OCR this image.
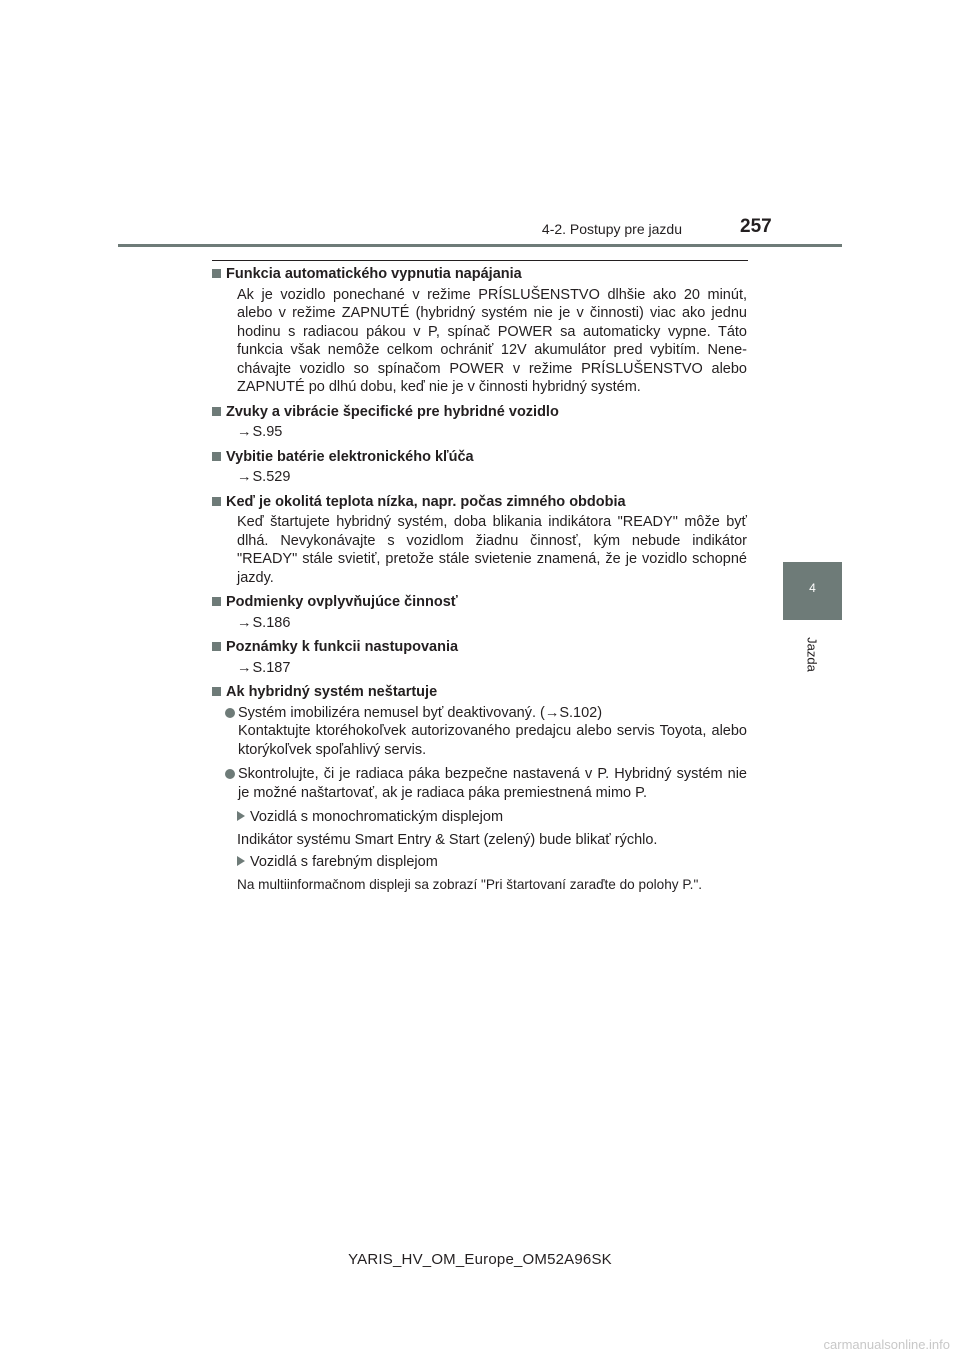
4-2. Postupy pre jazdu	257
4
Jazda
Funkcia automatického vypnutia napájania
Ak je vozidlo ponechané v režime PRÍSLUŠENSTVO dlhšie ako 20 minút, alebo v režime ZAPNUTÉ (hybridný systém nie je v činnosti) viac ako jednu hodinu s radiacou pákou v P, spínač POWER sa automaticky vypne. Táto funkcia však nemôže celkom ochrániť 12V akumulátor pred vybitím. Nene-chávajte vozidlo so spínačom POWER v režime PRÍSLUŠENSTVO alebo ZAPNUTÉ po dlhú dobu, keď nie je v činnosti hybridný systém.
Zvuky a vibrácie špecifické pre hybridné vozidlo
→ S.95
Vybitie batérie elektronického kľúča
→ S.529
Keď je okolitá teplota nízka, napr. počas zimného obdobia
Keď štartujete hybridný systém, doba blikania indikátora "READY" môže byť dlhá. Nevykonávajte s vozidlom žiadnu činnosť, kým nebude indikátor "READY" stále svietiť, pretože stále svietenie znamená, že je vozidlo schopné jazdy.
Podmienky ovplyvňujúce činnosť
→ S.186
Poznámky k funkcii nastupovania
→ S.187
Ak hybridný systém neštartuje
Systém imobilizéra nemusel byť deaktivovaný. (→S.102)
Kontaktujte ktoréhokoľvek autorizovaného predajcu alebo servis Toyota, alebo ktorýkoľvek spoľahlivý servis.
Skontrolujte, či je radiaca páka bezpečne nastavená v P. Hybridný systém nie je možné naštartovať, ak je radiaca páka premiestnená mimo P.
Vozidlá s monochromatickým displejom
Indikátor systému Smart Entry & Start (zelený) bude blikať rýchlo.
Vozidlá s farebným displejom
Na multiinformačnom displeji sa zobrazí "Pri štartovaní zaraďte do polohy P.".
YARIS_HV_OM_Europe_OM52A96SK
carmanualsonline.info
